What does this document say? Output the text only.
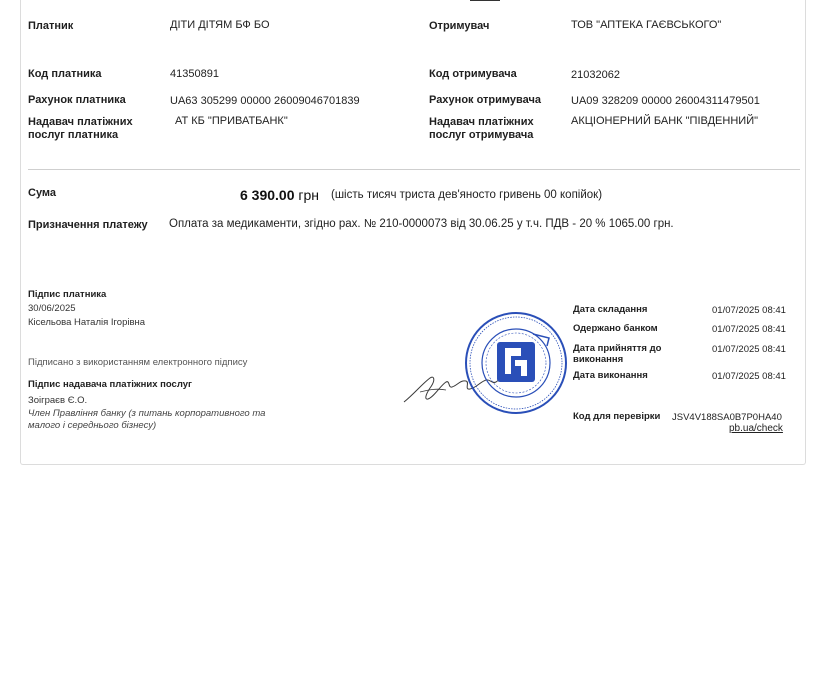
Платник	ДІТИ ДІТЯМ БФ БО
Код платника	41350891
Рахунок платника	UA63 305299 00000 26009046701839
Надавач платіжних послуг платника
АТ КБ "ПРИВАТБАНК"
Отримувач	ТОВ "АПТЕКА ГАЄВСЬКОГО"
Код отримувача	21032062
Рахунок отримувача	UA09 328209 00000 26004311479501
Надавач платіжних послуг отримувача
АКЦІОНЕРНИЙ БАНК "ПІВДЕННИЙ"
Сума	6 390.00 грн (шість тисяч триста дев'яносто гривень 00 копійок)
Призначення платежу Оплата за медикаменти, згідно рах. № 210-0000073 від 30.06.25 у т.ч. ПДВ - 20 % 1065.00 грн.
Підпис платника
30/06/2025
Кісельова Наталія Ігорівна
Підписано з використанням електронного підпису
Підпис надавача платіжних послуг
Зоіграєв Є.О.
Член Правління банку (з питань корпоративного та малого і середнього бізнесу)
Дата складання	01/07/2025 08:41
Одержано банком	01/07/2025 08:41
Дата прийняття до виконання
01/07/2025 08:41
Дата виконання	01/07/2025 08:41
Код для перевірки JSV4V188SA0B7P0HA40
pb.ua/check
